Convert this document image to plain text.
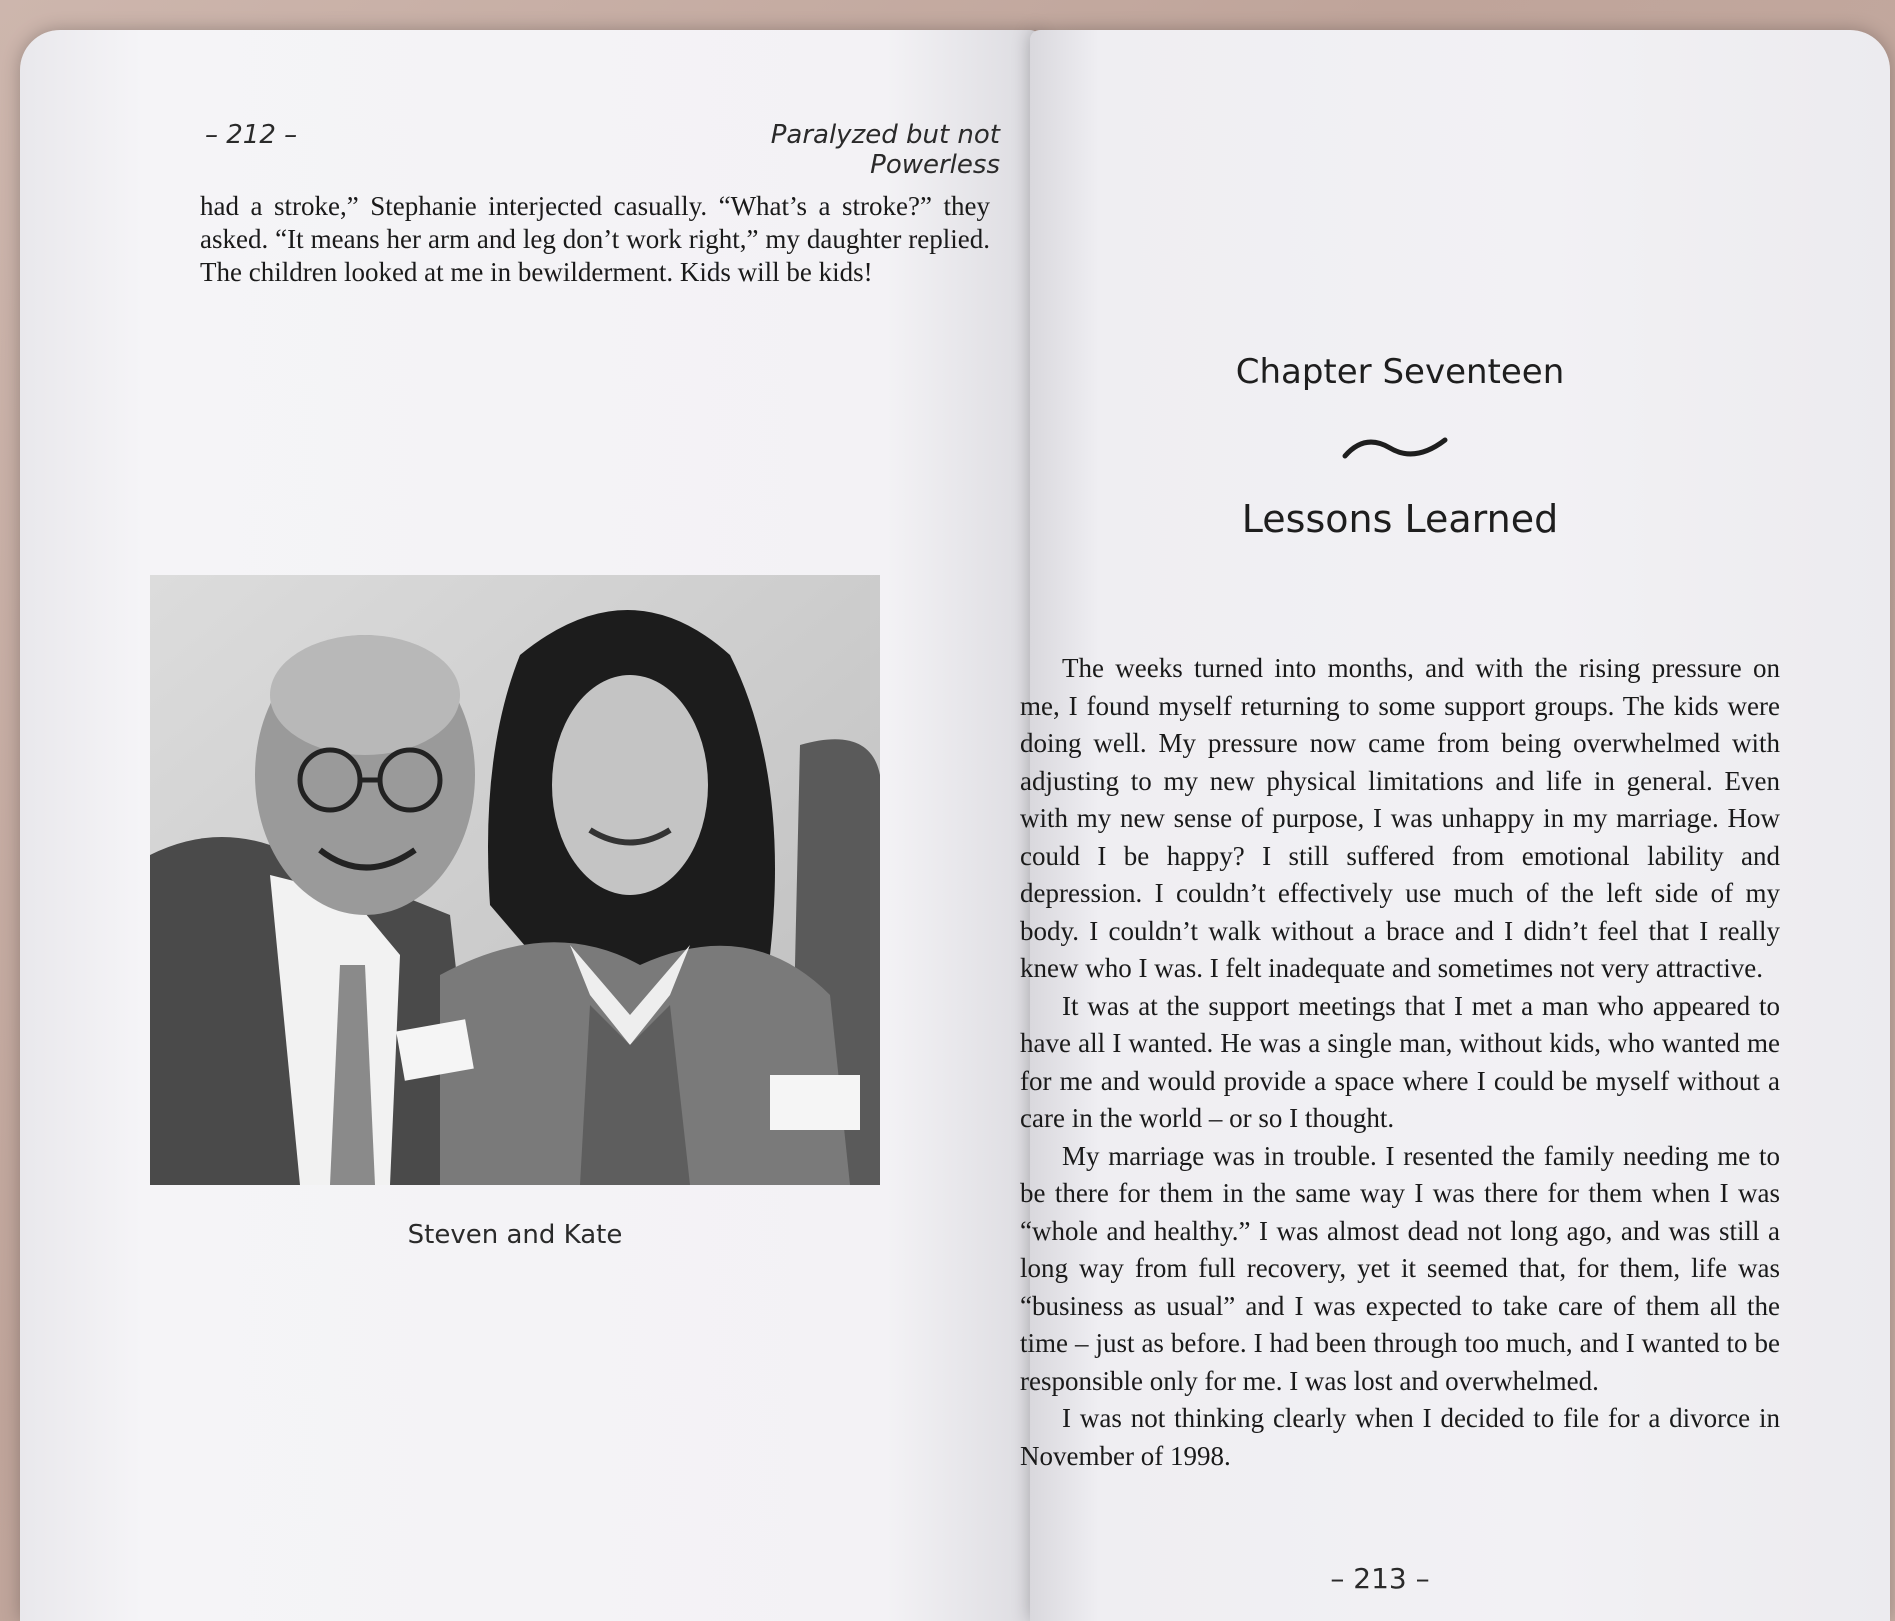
– 212 –	Paralyzed but not Powerless

had a stroke,” Stephanie interjected casually. “What’s a stroke?” they asked. “It means her arm and leg don’t work right,” my daughter replied. The children looked at me in bewilderment. Kids will be kids!

Steven and Kate
Chapter Seventeen
Lessons Learned

The weeks turned into months, and with the rising pressure on me, I found myself returning to some support groups. The kids were doing well. My pressure now came from being overwhelmed with adjusting to my new physical limitations and life in general. Even with my new sense of purpose, I was unhappy in my marriage. How could I be happy? I still suffered from emotional lability and depression. I couldn’t effectively use much of the left side of my body. I couldn’t walk without a brace and I didn’t feel that I really knew who I was. I felt inadequate and sometimes not very attractive.

It was at the support meetings that I met a man who appeared to have all I wanted. He was a single man, without kids, who wanted me for me and would provide a space where I could be myself without a care in the world – or so I thought.

My marriage was in trouble. I resented the family needing me to be there for them in the same way I was there for them when I was “whole and healthy.” I was almost dead not long ago, and was still a long way from full recovery, yet it seemed that, for them, life was “business as usual” and I was expected to take care of them all the time – just as before. I had been through too much, and I wanted to be responsible only for me. I was lost and overwhelmed.

I was not thinking clearly when I decided to file for a divorce in November of 1998.

– 213 –
